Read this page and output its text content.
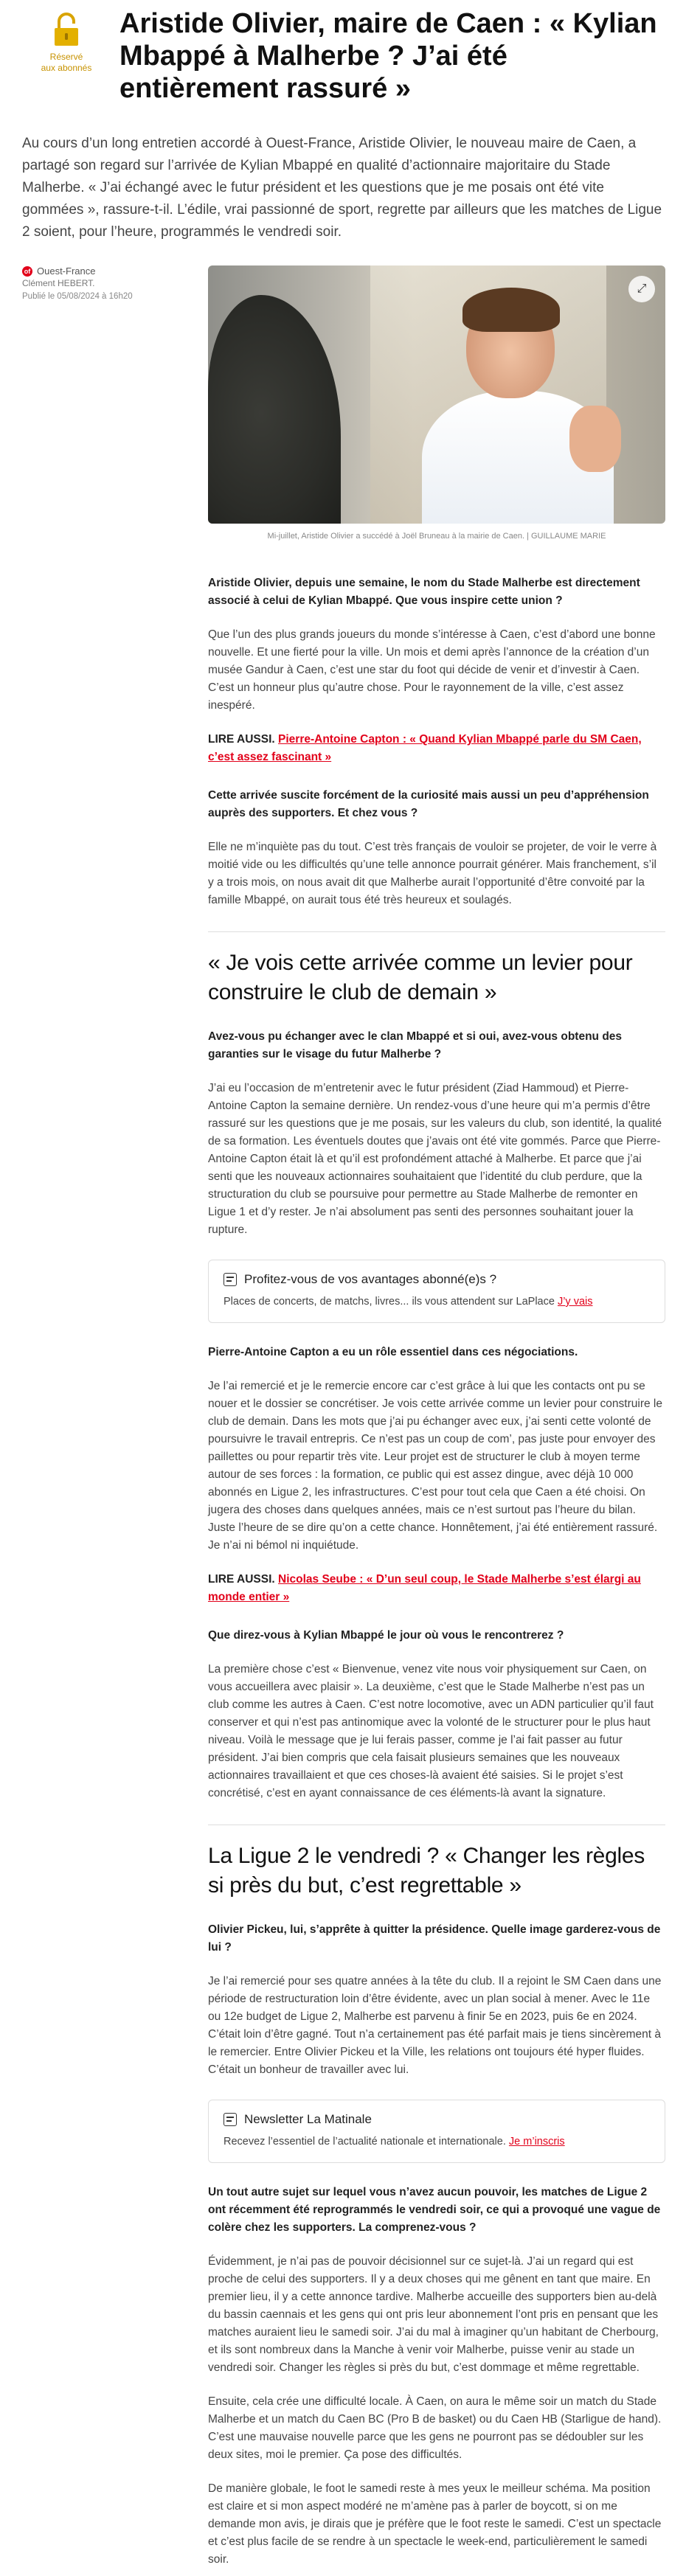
Réservé
aux abonnés
Aristide Olivier, maire de Caen : « Kylian Mbappé à Malherbe ? J’ai été entièrement rassuré »

Au cours d’un long entretien accordé à Ouest-France, Aristide Olivier, le nouveau maire de Caen, a partagé son regard sur l’arrivée de Kylian Mbappé en qualité d’actionnaire majoritaire du Stade Malherbe. « J’ai échangé avec le futur président et les questions que je me posais ont été vite gommées », rassure-t-il. L’édile, vrai passionné de sport, regrette par ailleurs que les matches de Ligue 2 soient, pour l’heure, programmés le vendredi soir.

of Ouest-France
Clément HEBERT.
Publié le 05/08/2024 à 16h20
⤢
Mi-juillet, Aristide Olivier a succédé à Joël Bruneau à la mairie de Caen. | GUILLAUME MARIE

Aristide Olivier, depuis une semaine, le nom du Stade Malherbe est directement associé à celui de Kylian Mbappé. Que vous inspire cette union ?

Que l’un des plus grands joueurs du monde s’intéresse à Caen, c’est d’abord une bonne nouvelle. Et une fierté pour la ville. Un mois et demi après l’annonce de la création d’un musée Gandur à Caen, c’est une star du foot qui décide de venir et d’investir à Caen. C’est un honneur plus qu’autre chose. Pour le rayonnement de la ville, c’est assez inespéré.

LIRE AUSSI. Pierre-Antoine Capton : « Quand Kylian Mbappé parle du SM Caen, c’est assez fascinant »

Cette arrivée suscite forcément de la curiosité mais aussi un peu d’appréhension auprès des supporters. Et chez vous ?

Elle ne m’inquiète pas du tout. C’est très français de vouloir se projeter, de voir le verre à moitié vide ou les difficultés qu’une telle annonce pourrait générer. Mais franchement, s’il y a trois mois, on nous avait dit que Malherbe aurait l’opportunité d’être convoité par la famille Mbappé, on aurait tous été très heureux et soulagés.

« Je vois cette arrivée comme un levier pour construire le club de demain »

Avez-vous pu échanger avec le clan Mbappé et si oui, avez-vous obtenu des garanties sur le visage du futur Malherbe ?

J’ai eu l’occasion de m’entretenir avec le futur président (Ziad Hammoud) et Pierre-Antoine Capton la semaine dernière. Un rendez-vous d’une heure qui m’a permis d’être rassuré sur les questions que je me posais, sur les valeurs du club, son identité, la qualité de sa formation. Les éventuels doutes que j’avais ont été vite gommés. Parce que Pierre-Antoine Capton était là et qu’il est profondément attaché à Malherbe. Et parce que j’ai senti que les nouveaux actionnaires souhaitaient que l’identité du club perdure, que la structuration du club se poursuive pour permettre au Stade Malherbe de remonter en Ligue 1 et d’y rester. Je n’ai absolument pas senti des personnes souhaitant jouer la rupture.

Profitez-vous de vos avantages abonné(e)s ?
Places de concerts, de matchs, livres... ils vous attendent sur LaPlace J’y vais

Pierre-Antoine Capton a eu un rôle essentiel dans ces négociations.

Je l’ai remercié et je le remercie encore car c’est grâce à lui que les contacts ont pu se nouer et le dossier se concrétiser. Je vois cette arrivée comme un levier pour construire le club de demain. Dans les mots que j’ai pu échanger avec eux, j’ai senti cette volonté de poursuivre le travail entrepris. Ce n’est pas un coup de com’, pas juste pour envoyer des paillettes ou pour repartir très vite. Leur projet est de structurer le club à moyen terme autour de ses forces : la formation, ce public qui est assez dingue, avec déjà 10 000 abonnés en Ligue 2, les infrastructures. C’est pour tout cela que Caen a été choisi. On jugera des choses dans quelques années, mais ce n’est surtout pas l’heure du bilan. Juste l’heure de se dire qu’on a cette chance. Honnêtement, j’ai été entièrement rassuré. Je n’ai ni bémol ni inquiétude.

LIRE AUSSI. Nicolas Seube : « D’un seul coup, le Stade Malherbe s’est élargi au monde entier »

Que direz-vous à Kylian Mbappé le jour où vous le rencontrerez ?

La première chose c’est « Bienvenue, venez vite nous voir physiquement sur Caen, on vous accueillera avec plaisir ». La deuxième, c’est que le Stade Malherbe n’est pas un club comme les autres à Caen. C’est notre locomotive, avec un ADN particulier qu’il faut conserver et qui n’est pas antinomique avec la volonté de le structurer pour le plus haut niveau. Voilà le message que je lui ferais passer, comme je l’ai fait passer au futur président. J’ai bien compris que cela faisait plusieurs semaines que les nouveaux actionnaires travaillaient et que ces choses-là avaient été saisies. Si le projet s’est concrétisé, c’est en ayant connaissance de ces éléments-là avant la signature.

La Ligue 2 le vendredi ? « Changer les règles si près du but, c’est regrettable »

Olivier Pickeu, lui, s’apprête à quitter la présidence. Quelle image garderez-vous de lui ?

Je l’ai remercié pour ses quatre années à la tête du club. Il a rejoint le SM Caen dans une période de restructuration loin d’être évidente, avec un plan social à mener. Avec le 11e ou 12e budget de Ligue 2, Malherbe est parvenu à finir 5e en 2023, puis 6e en 2024. C’était loin d’être gagné. Tout n’a certainement pas été parfait mais je tiens sincèrement à le remercier. Entre Olivier Pickeu et la Ville, les relations ont toujours été hyper fluides. C’était un bonheur de travailler avec lui.

Newsletter La Matinale
Recevez l’essentiel de l’actualité nationale et internationale. Je m’inscris

Un tout autre sujet sur lequel vous n’avez aucun pouvoir, les matches de Ligue 2 ont récemment été reprogrammés le vendredi soir, ce qui a provoqué une vague de colère chez les supporters. La comprenez-vous ?

Évidemment, je n’ai pas de pouvoir décisionnel sur ce sujet-là. J’ai un regard qui est proche de celui des supporters. Il y a deux choses qui me gênent en tant que maire. En premier lieu, il y a cette annonce tardive. Malherbe accueille des supporters bien au-delà du bassin caennais et les gens qui ont pris leur abonnement l’ont pris en pensant que les matches auraient lieu le samedi soir. J’ai du mal à imaginer qu’un habitant de Cherbourg, et ils sont nombreux dans la Manche à venir voir Malherbe, puisse venir au stade un vendredi soir. Changer les règles si près du but, c’est dommage et même regrettable.

Ensuite, cela crée une difficulté locale. À Caen, on aura le même soir un match du Stade Malherbe et un match du Caen BC (Pro B de basket) ou du Caen HB (Starligue de hand). C’est une mauvaise nouvelle parce que les gens ne pourront pas se dédoubler sur les deux sites, moi le premier. Ça pose des difficultés.

De manière globale, le foot le samedi reste à mes yeux le meilleur schéma. Ma position est claire et si mon aspect modéré ne m’amène pas à parler de boycott, si on me demande mon avis, je dirais que je préfère que le foot reste le samedi. C’est un spectacle et c’est plus facile de se rendre à un spectacle le week-end, particulièrement le samedi soir.
